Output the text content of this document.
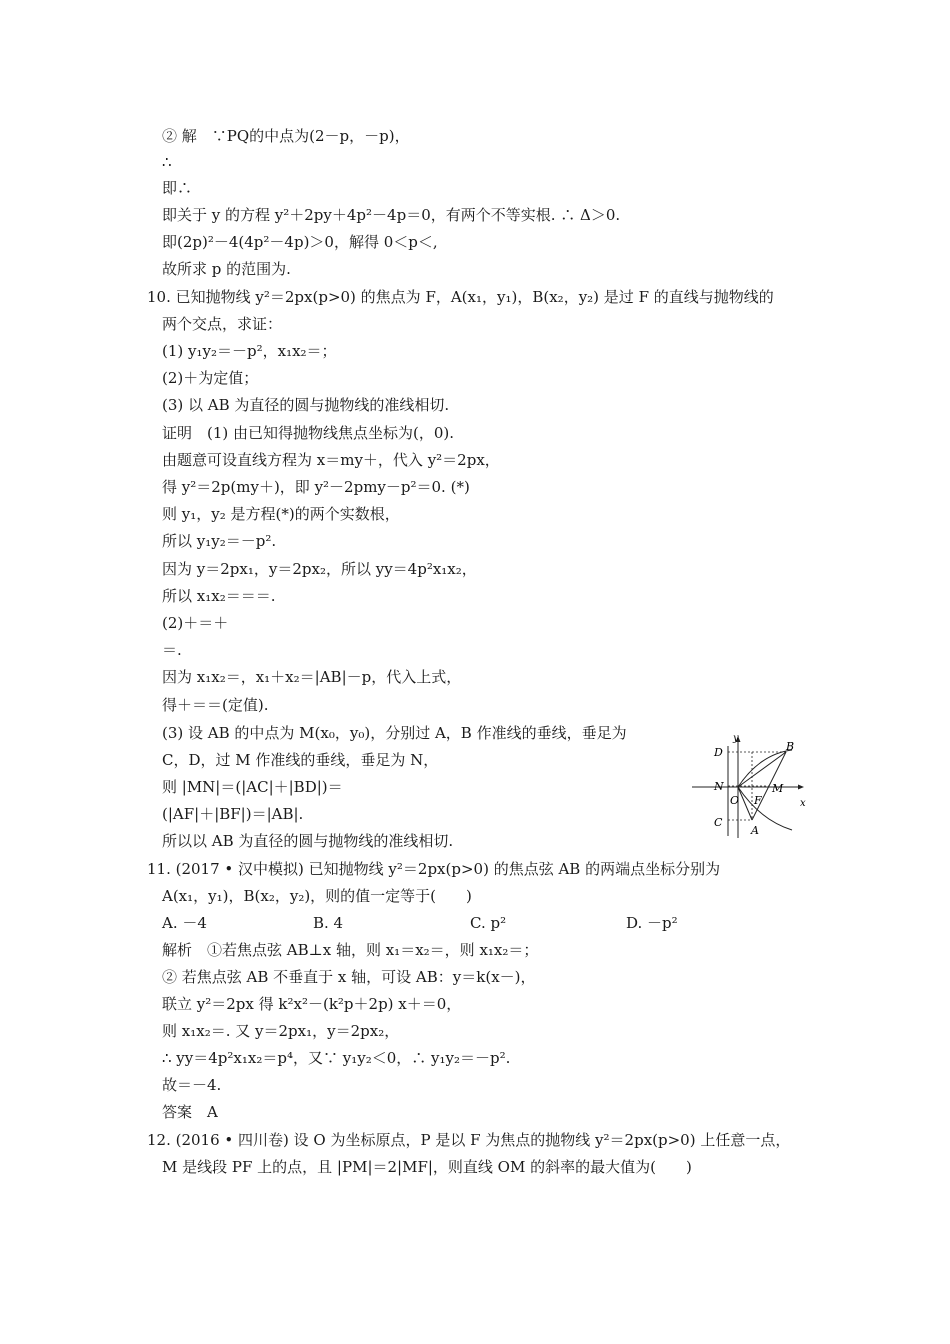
② 解　∵PQ的中点为(2－p，－p)，
∴
即∴
即关于 y 的方程 y²＋2py＋4p²－4p＝0，有两个不等实根. ∴ Δ＞0.
即(2p)²－4(4p²－4p)＞0，解得 0＜p＜,
故所求 p 的范围为.
10. 已知抛物线 y²＝2px(p>0) 的焦点为 F，A(x₁，y₁)，B(x₂，y₂) 是过 F 的直线与抛物线的
两个交点，求证：
(1) y₁y₂＝－p²，x₁x₂＝；
(2)＋为定值；
(3) 以 AB 为直径的圆与抛物线的准线相切.
证明　(1) 由已知得抛物线焦点坐标为(，0).
由题意可设直线方程为 x＝my＋，代入 y²＝2px，
得 y²＝2p(my＋)，即 y²－2pmy－p²＝0. (*)
则 y₁，y₂ 是方程(*)的两个实数根，
所以 y₁y₂＝－p².
因为 y＝2px₁，y＝2px₂，所以 yy＝4p²x₁x₂，
所以 x₁x₂＝＝＝.
(2)＋＝＋
＝.
因为 x₁x₂＝，x₁＋x₂＝|AB|－p，代入上式，
得＋＝＝(定值).
(3) 设 AB 的中点为 M(x₀，y₀)，分别过 A，B 作准线的垂线，垂足为
C，D，过 M 作准线的垂线，垂足为 N，
则 |MN|＝(|AC|＋|BD|)＝
(|AF|＋|BF|)＝|AB|.
所以以 AB 为直径的圆与抛物线的准线相切.
11. (2017 • 汉中模拟) 已知抛物线 y²＝2px(p>0) 的焦点弦 AB 的两端点坐标分别为
A(x₁，y₁)，B(x₂，y₂)，则的值一定等于(　　)
A. －4	B. 4	C. p²	D. －p²
解析　①若焦点弦 AB⊥x 轴，则 x₁＝x₂＝，则 x₁x₂＝；
② 若焦点弦 AB 不垂直于 x 轴，可设 AB：y＝k(x－)，
联立 y²＝2px 得 k²x²－(k²p＋2p) x＋＝0，
则 x₁x₂＝. 又 y＝2px₁，y＝2px₂，
∴ yy＝4p²x₁x₂＝p⁴，又∵ y₁y₂＜0，∴ y₁y₂＝－p².
故＝－4.
答案　A
12. (2016 • 四川卷) 设 O 为坐标原点，P 是以 F 为焦点的抛物线 y²＝2px(p>0) 上任意一点，
M 是线段 PF 上的点，且 |PM|＝2|MF|，则直线 OM 的斜率的最大值为(　　)
y
x
B
D
N	M
O F
C
A
